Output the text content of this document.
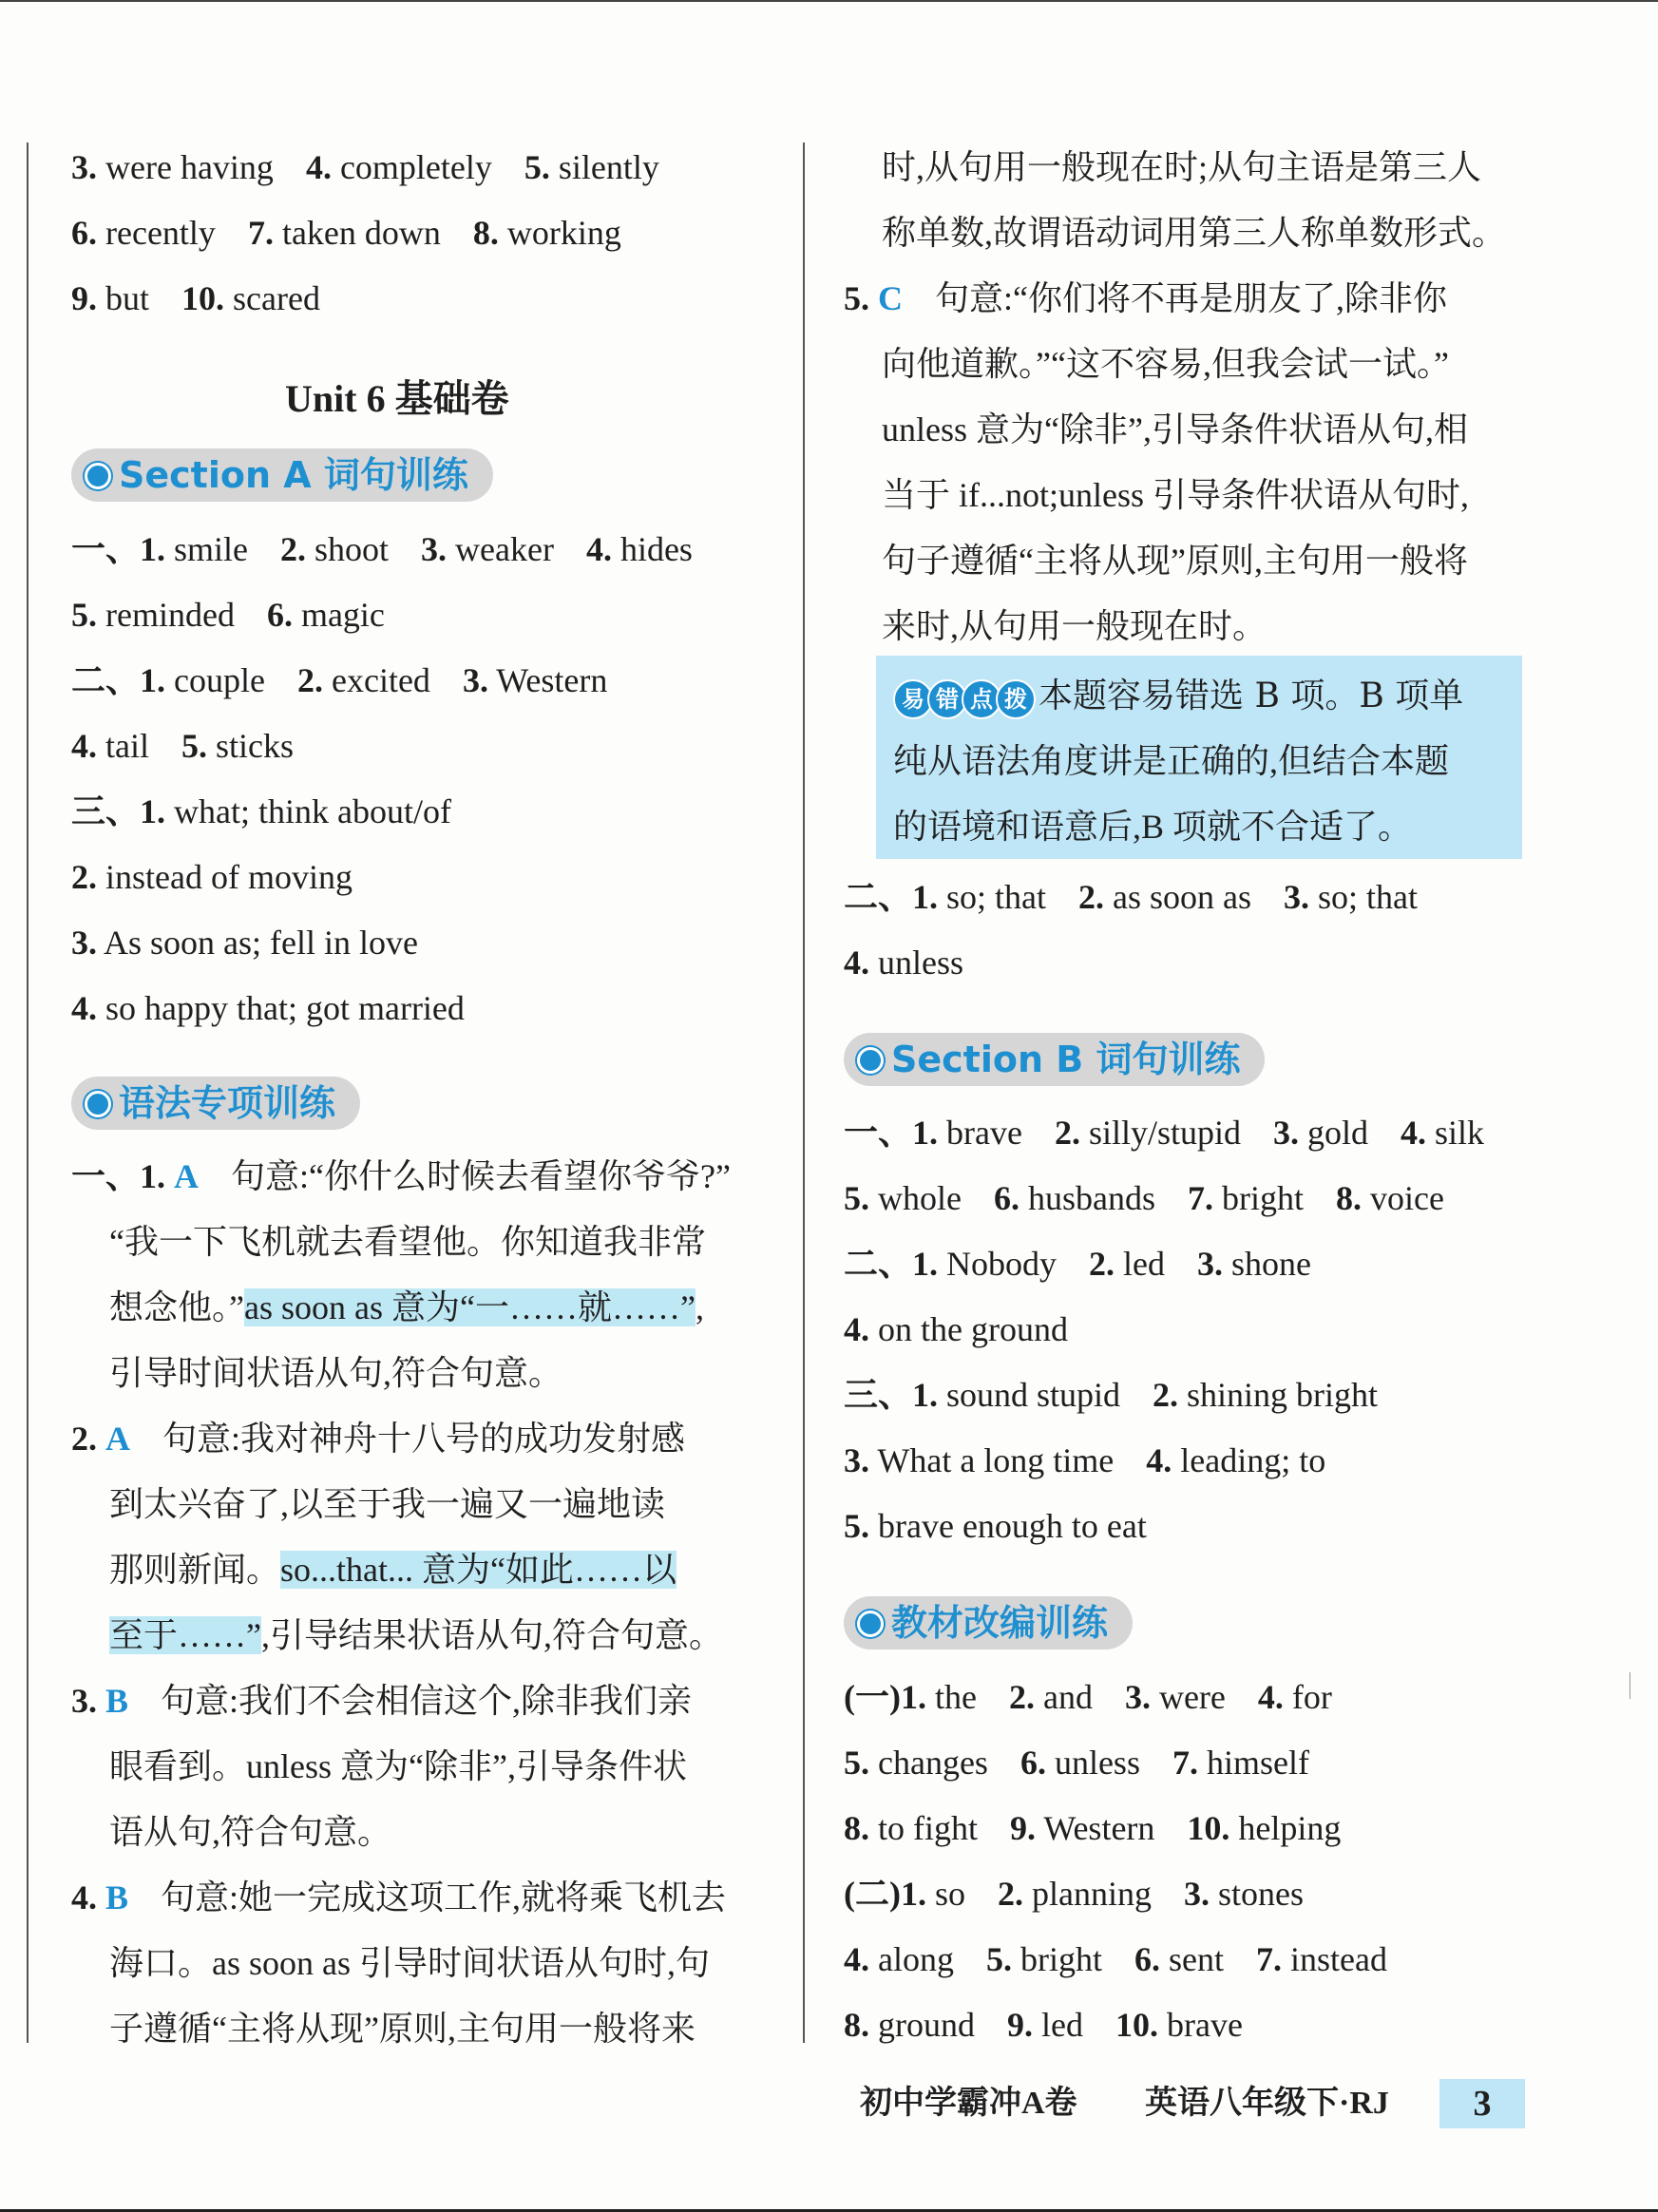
3. were having 4. completely 5. silently
6. recently 7. taken down 8. working
9. but 10. scared
Unit 6 基础卷
Section A 词句训练
一、1. smile 2. shoot 3. weaker 4. hides
5. reminded 6. magic
二、1. couple 2. excited 3. Western
4. tail 5. sticks
三、1. what; think about/of
2. instead of moving
3. As soon as; fell in love
4. so happy that; got married
语法专项训练
一、1. A 句意:“你什么时候去看望你爷爷?”
“我一下飞机就去看望他。你知道我非常
想念他。”as soon as 意为“一……就……”,
引导时间状语从句,符合句意。
2. A 句意:我对神舟十八号的成功发射感
到太兴奋了,以至于我一遍又一遍地读
那则新闻。so...that... 意为“如此……以
至于……”,引导结果状语从句,符合句意。
3. B 句意:我们不会相信这个,除非我们亲
眼看到。unless 意为“除非”,引导条件状
语从句,符合句意。
4. B 句意:她一完成这项工作,就将乘飞机去
海口。as soon as 引导时间状语从句时,句
子遵循“主将从现”原则,主句用一般将来
时,从句用一般现在时;从句主语是第三人
称单数,故谓语动词用第三人称单数形式。
5. C 句意:“你们将不再是朋友了,除非你
向他道歉。”“这不容易,但我会试一试。”
unless 意为“除非”,引导条件状语从句,相
当于 if...not;unless 引导条件状语从句时,
句子遵循“主将从现”原则,主句用一般将
来时,从句用一般现在时。
易 错 点 拨 本题容易错选 B 项。B 项单
纯从语法角度讲是正确的,但结合本题
的语境和语意后,B 项就不合适了。
二、1. so; that 2. as soon as 3. so; that
4. unless
Section B 词句训练
一、1. brave 2. silly/stupid 3. gold 4. silk
5. whole 6. husbands 7. bright 8. voice
二、1. Nobody 2. led 3. shone
4. on the ground
三、1. sound stupid 2. shining bright
3. What a long time 4. leading; to
5. brave enough to eat
教材改编训练
(一)1. the 2. and 3. were 4. for
5. changes 6. unless 7. himself
8. to fight 9. Western 10. helping
(二)1. so 2. planning 3. stones
4. along 5. bright 6. sent 7. instead
8. ground 9. led 10. brave
初中学霸冲A卷 英语八年级下·RJ	3
